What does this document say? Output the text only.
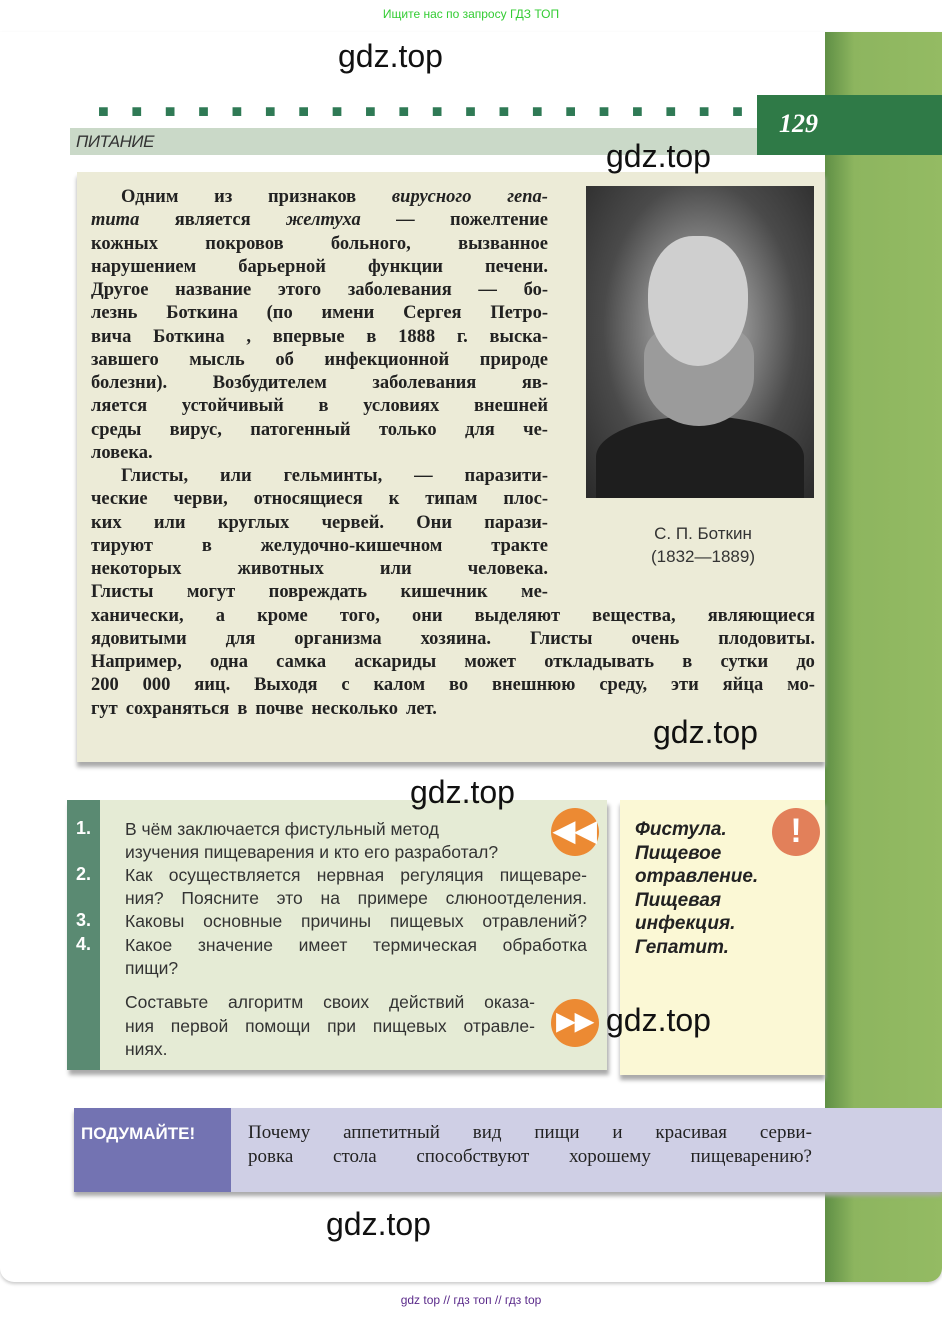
Ищите нас по запросу ГДЗ ТОП
129
■ ■ ■ ■ ■ ■ ■ ■ ■ ■ ■ ■ ■ ■ ■ ■ ■ ■ ■ ■
ПИТАНИЕ
С. П. Боткин
(1832—1889)
Одним из признаков вирусного гепа-
тита является желтуха — пожелтение
кожных	покровов	больного,	вызванное
нарушением барьерной функции печени.
Другое название этого заболевания — бо-
лезнь Боткина (по имени Сергея Петро-
вича Боткина , впервые в 1888 г. выска-
завшего мысль об инфекционной природе
болезни). Возбудителем заболевания яв-
ляется устойчивый в условиях внешней
среды вирус, патогенный только для че-
ловека.
Глисты, или гельминты, — паразити-
ческие черви, относящиеся к типам плос-
ких или круглых червей. Они парази-
тируют	в	желудочно-кишечном	тракте
некоторых	животных	или	человека.
Глисты могут повреждать кишечник ме-
ханически, а кроме того, они выделяют вещества, являющиеся
ядовитыми для организма хозяина. Глисты очень плодовиты.
Например, одна самка аскариды может откладывать в сутки до
200 000 яиц. Выходя с калом во внешнюю среду, эти яйца мо-
гут сохраняться в почве несколько лет.
1.
2.
3.
4.
В чём заключается фистульный метод
изучения пищеварения и кто его разработал?
Как осуществляется нервная регуляция пищеваре-
ния? Поясните это на примере слюноотделения.
Каковы основные причины пищевых отравлений?
Какое значение имеет термическая обработка
пищи?
Составьте алгоритм своих действий оказа-
ния первой помощи при пищевых отравле-
ниях.
◀◀
▶▶
Фистула.
Пищевое
отравление.
Пищевая
инфекция.
Гепатит.
!
ПОДУМАЙТЕ!	Почему аппетитный вид пищи и красивая серви-
ровка стола способствуют хорошему пищеварению?
gdz.top
gdz.top
gdz.top
gdz.top
gdz.top
gdz.top
gdz top // гдз топ // гдз top
